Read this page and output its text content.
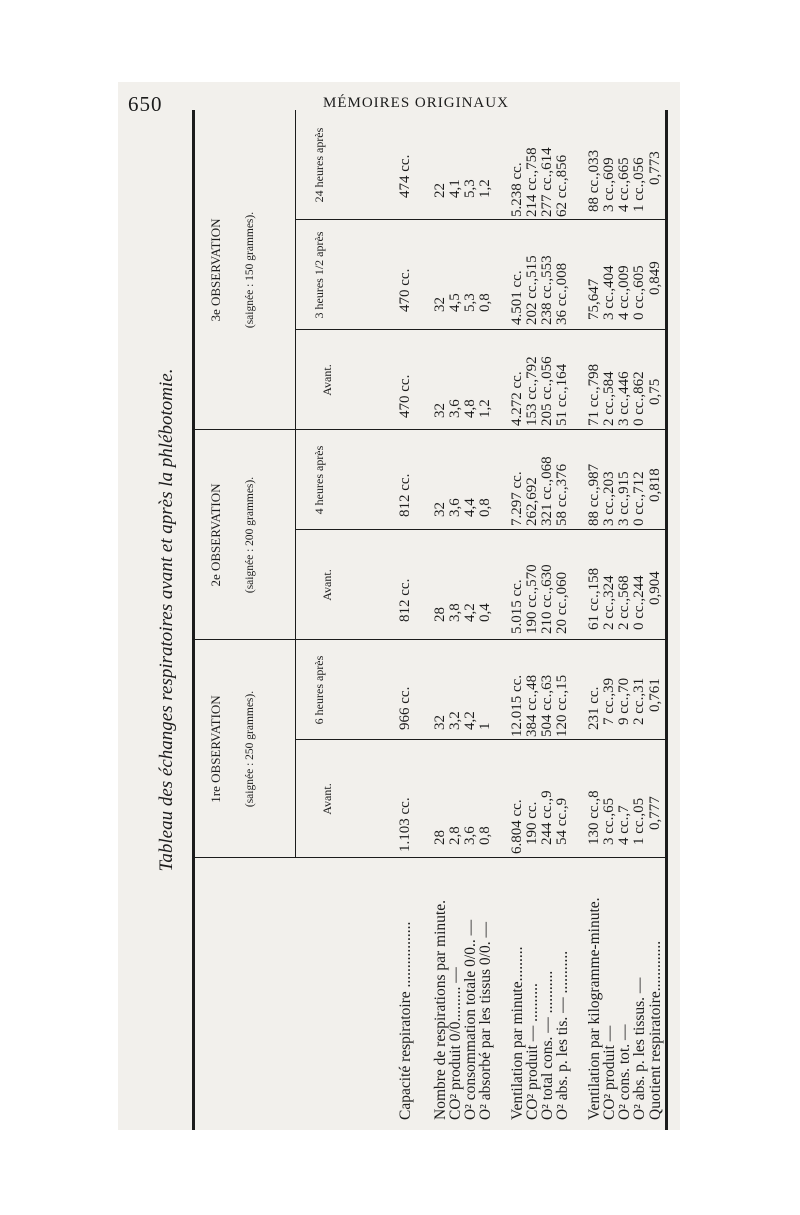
650	MÉMOIRES ORIGINAUX
Tableau des échanges respiratoires avant et après la phlébotomie.	1re OBSERVATION (saignée : 250 grammes).
2e OBSERVATION (saignée : 200 grammes).
3e OBSERVATION (saignée : 150 grammes).
Avant.
6 heures après
Avant.
4 heures après
Avant.
3 heures 1/2 après
24 heures après
Capacité respiratoire ................. Nombre de respirations par minute.
CO² produit 0/0......... —
O² consommation totale 0/0.. —
O² absorbé par les tissus 0/0. — Ventilation par minute.........
CO² produit — ..........
O² total cons. — ...........
O² abs. p. les tis. — ........... Ventilation par kilogramme-minute.
CO² produit —
O² cons. tot. —
O² abs. p. les tissus. — Quotient respiratoire.............
1.103 cc. 28 2,8 3,6 0,8 6.804 cc. 190 cc. 244 cc.,9 54 cc.,9 130 cc.,8 3 cc.,65 4 cc.,7 1 cc.,05 0,777
966 cc. 32 3,2 4,2 1 12.015 cc. 384 cc.,48 504 cc.,63 120 cc.,15 231 cc. 7 cc.,39 9 cc.,70 2 cc.,31 0,761
812 cc. 28 3,8 4,2 0,4 5.015 cc. 190 cc.,570 210 cc.,630 20 cc.,060 61 cc.,158 2 cc.,324 2 cc.,568 0 cc.,244 0,904
812 cc. 32 3,6 4,4 0,8 7.297 cc. 262,692 321 cc.,068 58 cc.,376 88 cc.,987 3 cc.,203 3 cc.,915 0 cc.,712 0,818
470 cc. 32 3,6 4,8 1,2 4.272 cc. 153 cc.,792 205 cc.,056 51 cc.,164 71 cc.,798 2 cc.,584 3 cc.,446 0 cc.,862 0,75
470 cc. 32 4,5 5,3 0,8 4.501 cc. 202 cc.,515 238 cc.,553 36 cc.,008 75,647 3 cc.,404 4 cc.,009 0 cc.,605 0,849
474 cc. 22 4,1 5,3 1,2 5.238 cc. 214 cc.,758 277 cc.,614 62 cc.,856 88 cc.,033 3 cc.,609 4 cc.,665 1 cc.,056 0,773
